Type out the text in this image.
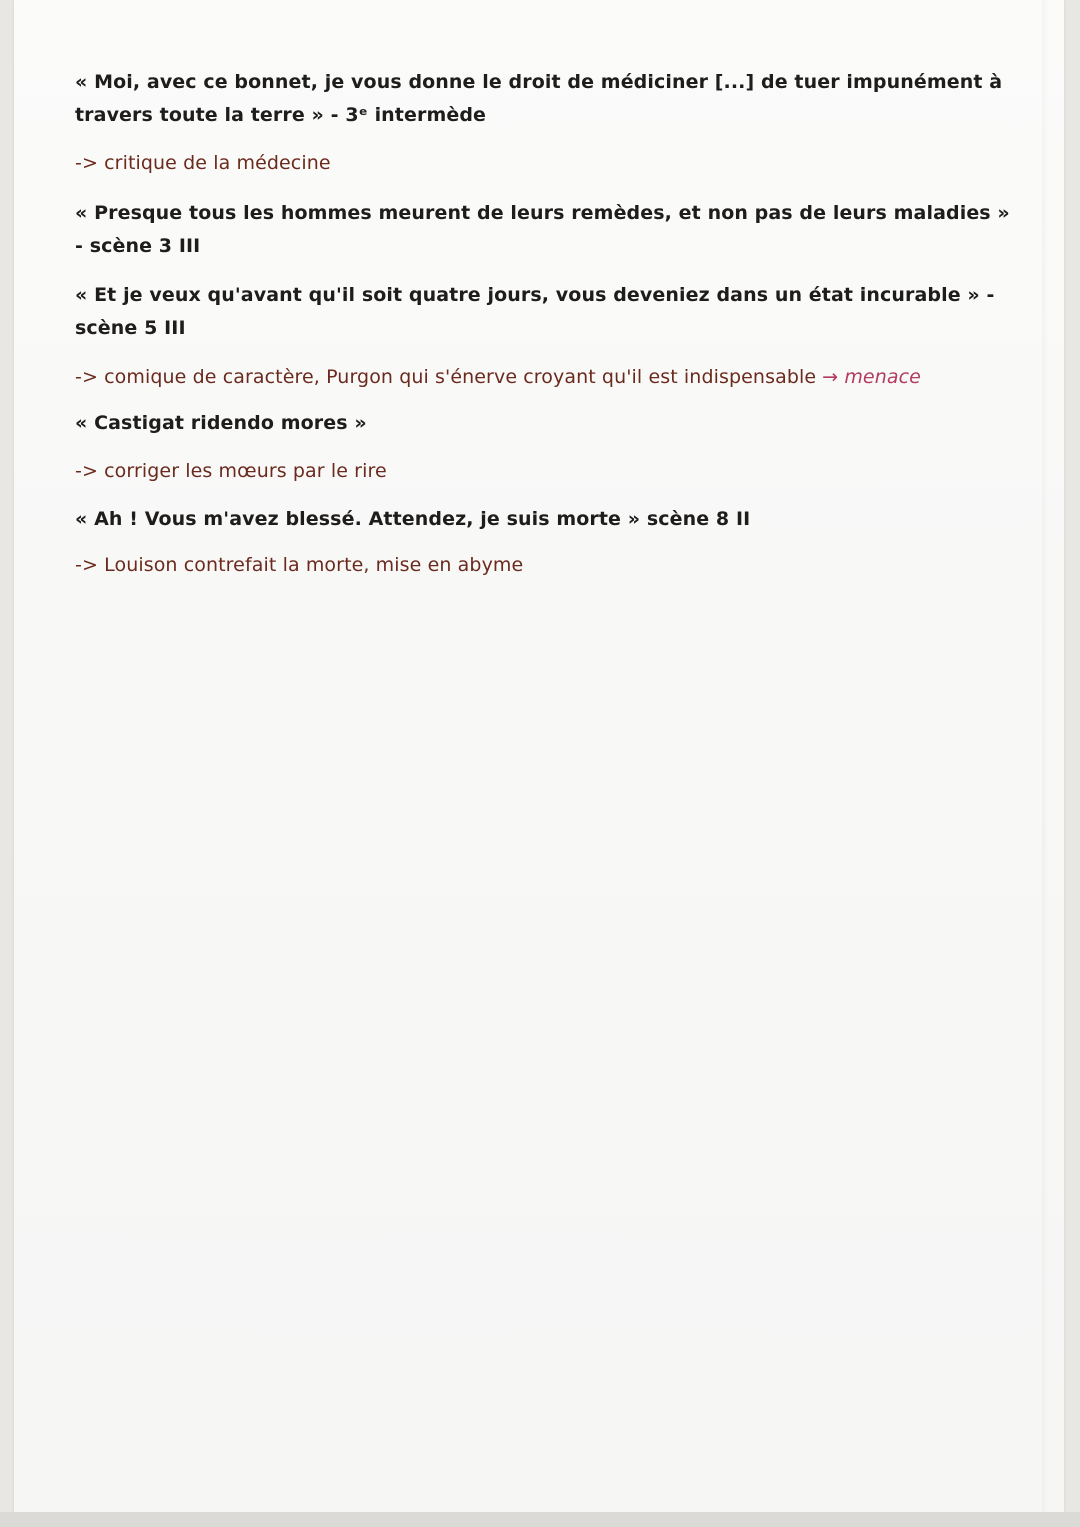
« Moi, avec ce bonnet, je vous donne le droit de médiciner [...] de tuer impunément à travers toute la terre » - 3ᵉ intermède

-> critique de la médecine

« Presque tous les hommes meurent de leurs remèdes, et non pas de leurs maladies » - scène 3 III

« Et je veux qu'avant qu'il soit quatre jours, vous deveniez dans un état incurable » - scène 5 III

-> comique de caractère, Purgon qui s'énerve croyant qu'il est indispensable → menace

« Castigat ridendo mores »

-> corriger les mœurs par le rire

« Ah ! Vous m'avez blessé. Attendez, je suis morte » scène 8 II

-> Louison contrefait la morte, mise en abyme
